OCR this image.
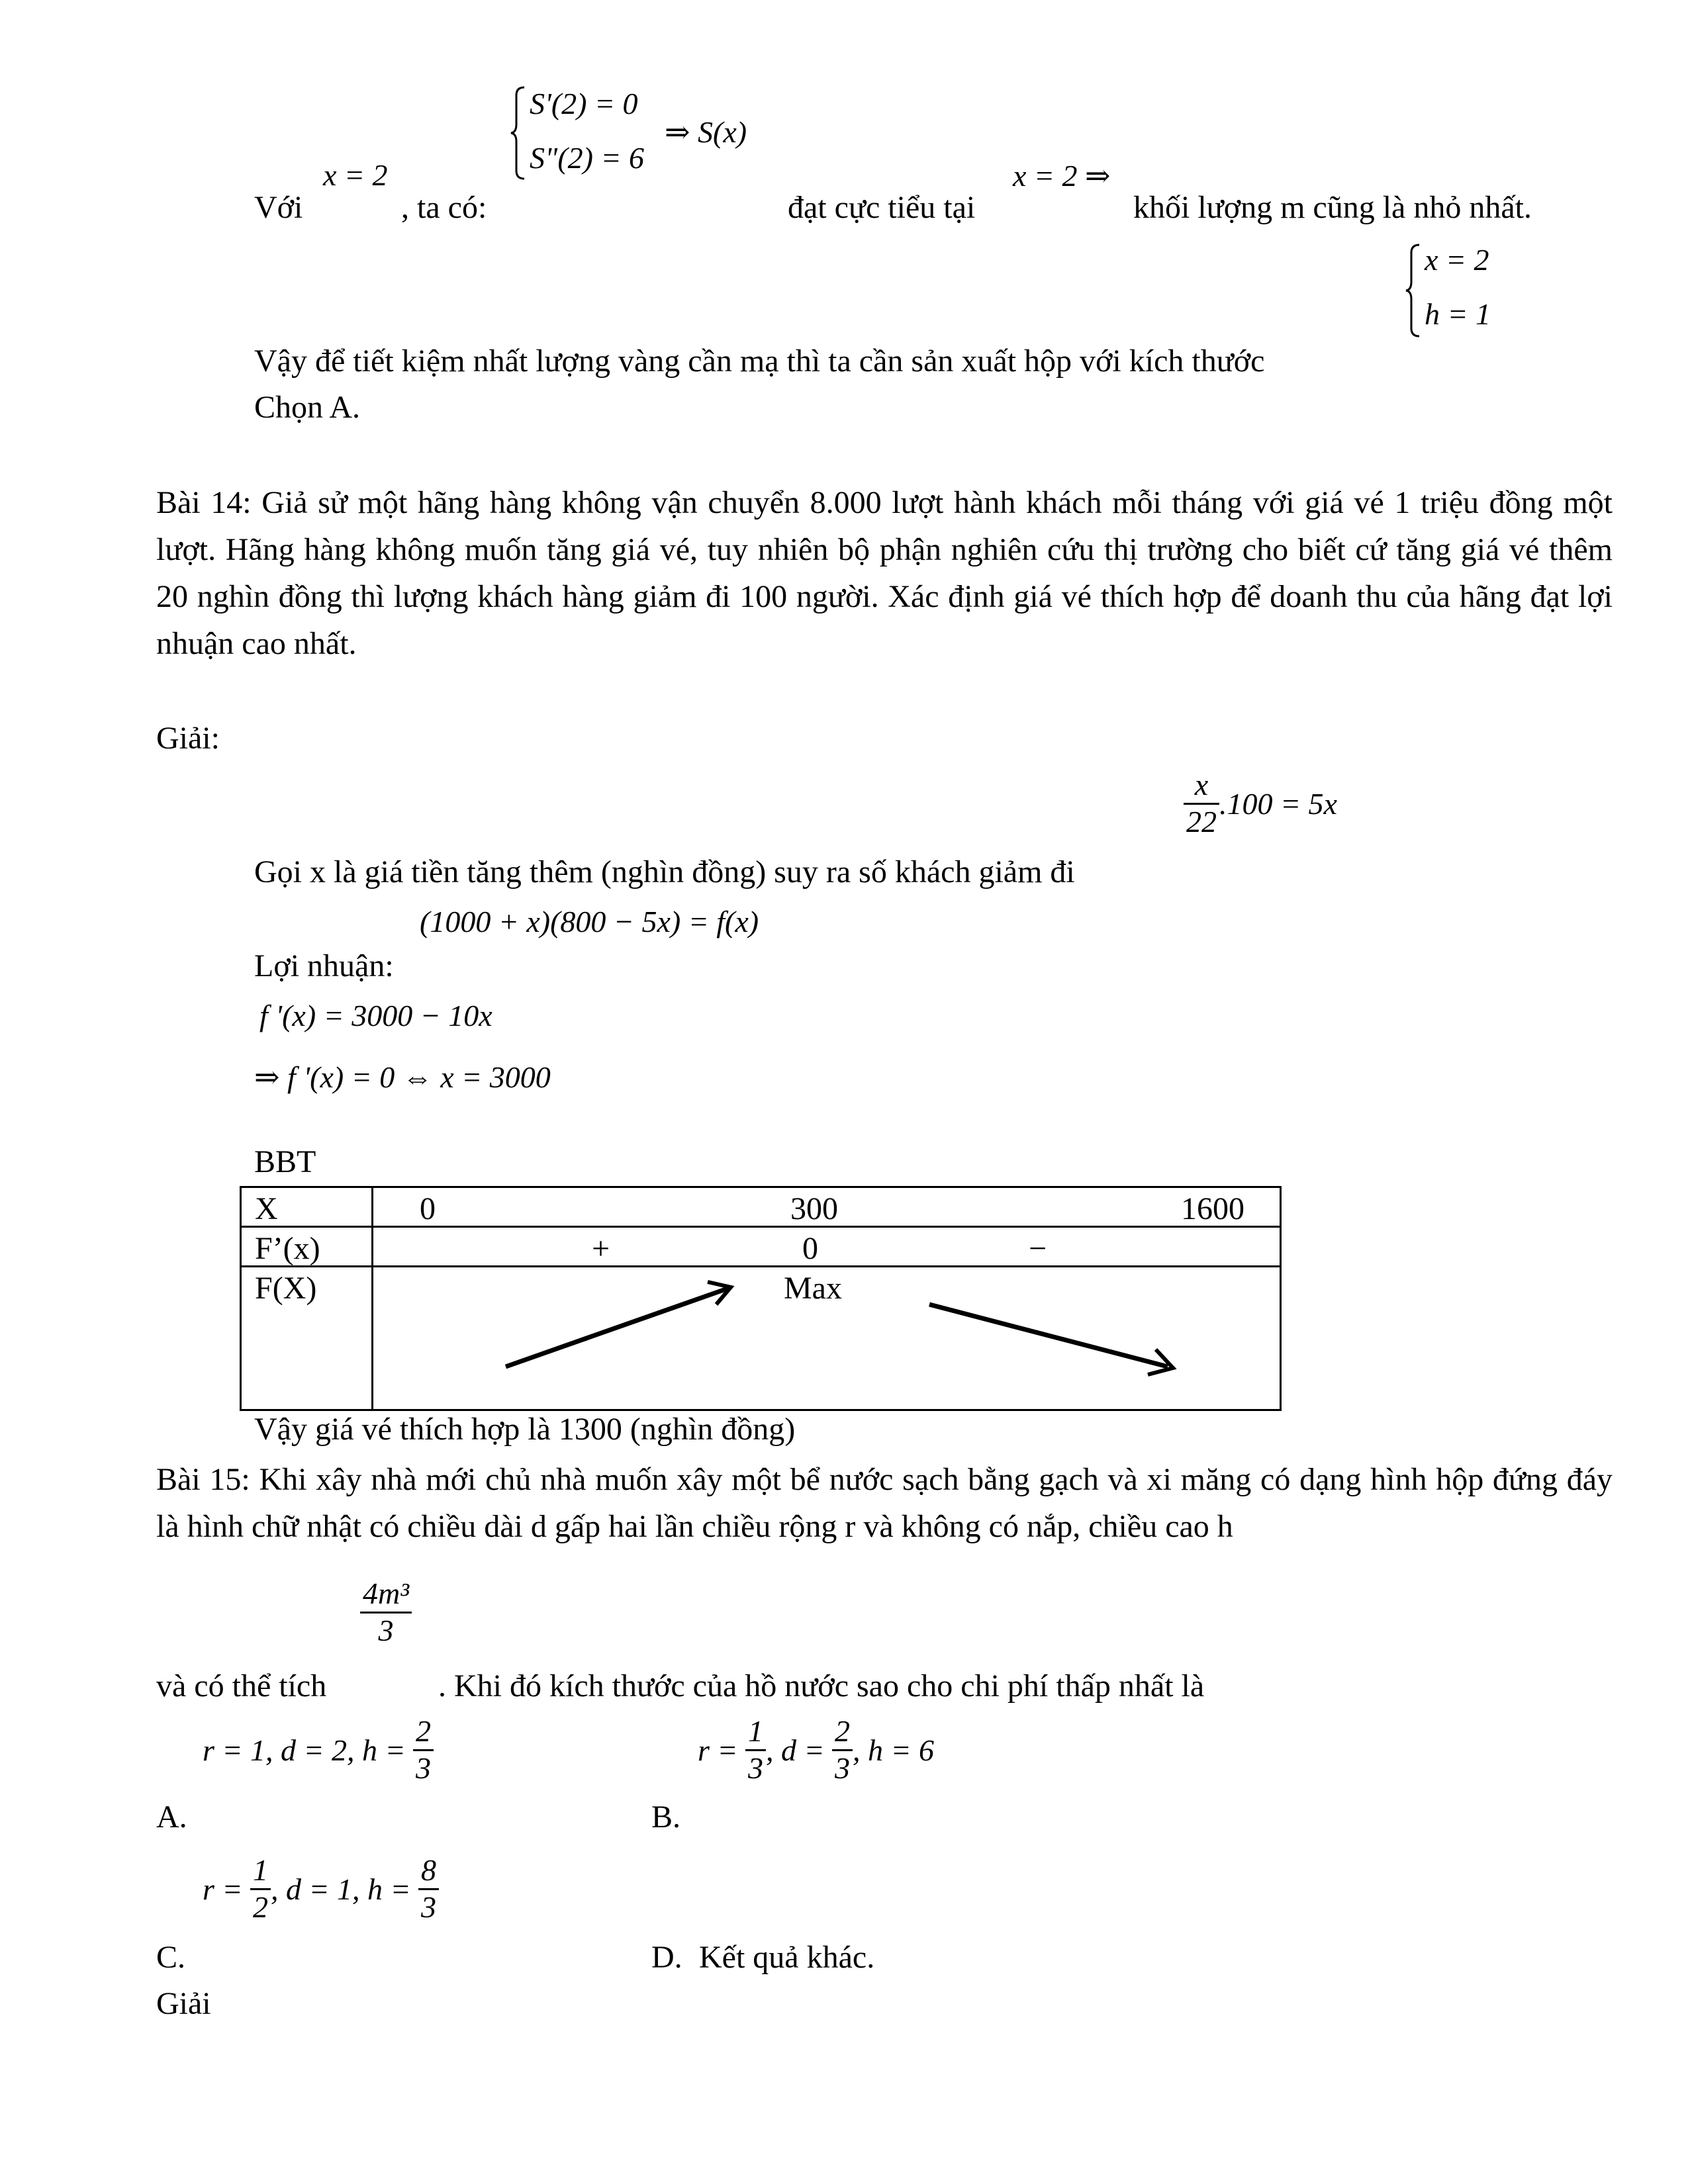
x = 2
Với	, ta có:
S'(2) = 0
S"(2) = 6
⇒ S(x)
đạt cực tiểu tại
x = 2 ⇒
khối lượng m cũng là nhỏ nhất.
x = 2
h = 1
Vậy để tiết kiệm nhất lượng vàng cần mạ thì ta cần sản xuất hộp với kích thước
Chọn A.
Bài 14: Giả sử một hãng hàng không vận chuyển 8.000 lượt hành khách mỗi tháng với giá vé 1 triệu đồng một lượt. Hãng hàng không muốn tăng giá vé, tuy nhiên bộ phận nghiên cứu thị trường cho biết cứ tăng giá vé thêm 20 nghìn đồng thì lượng khách hàng giảm đi 100 người. Xác định giá vé thích hợp để doanh thu của hãng đạt lợi nhuận cao nhất.
Giải:
$\frac{x}{22} .100 = 5x$
Gọi x là giá tiền tăng thêm (nghìn đồng) suy ra số khách giảm đi
(1000 + x)(800 − 5x) = f(x)
Lợi nhuận:
f '(x) = 3000 − 10x
⇒ f '(x) = 0 ⇔ x = 3000
BBT
X	0 300 1600

F’(x)	+ 0 −

F(X)	Max
Vậy giá vé thích hợp là 1300 (nghìn đồng)
Bài 15: Khi xây nhà mới chủ nhà muốn xây một bể nước sạch bằng gạch và xi măng có dạng hình hộp đứng đáy là hình chữ nhật có chiều dài d gấp hai lần chiều rộng r và không có nắp, chiều cao h
$\frac{\text{4m³}}{3}$
và có thể tích	. Khi đó kích thước của hồ nước sao cho chi phí thấp nhất là
r = 1, d = 2, $h = \frac{2}{3}$
A.
$r = \frac{1}{3}$ , $d = \frac{2}{3}$ , h = 6
B.
$r = \frac{1}{2}$ , d = 1, $h = \frac{8}{3}$
C.	D. Kết quả khác.
Giải
